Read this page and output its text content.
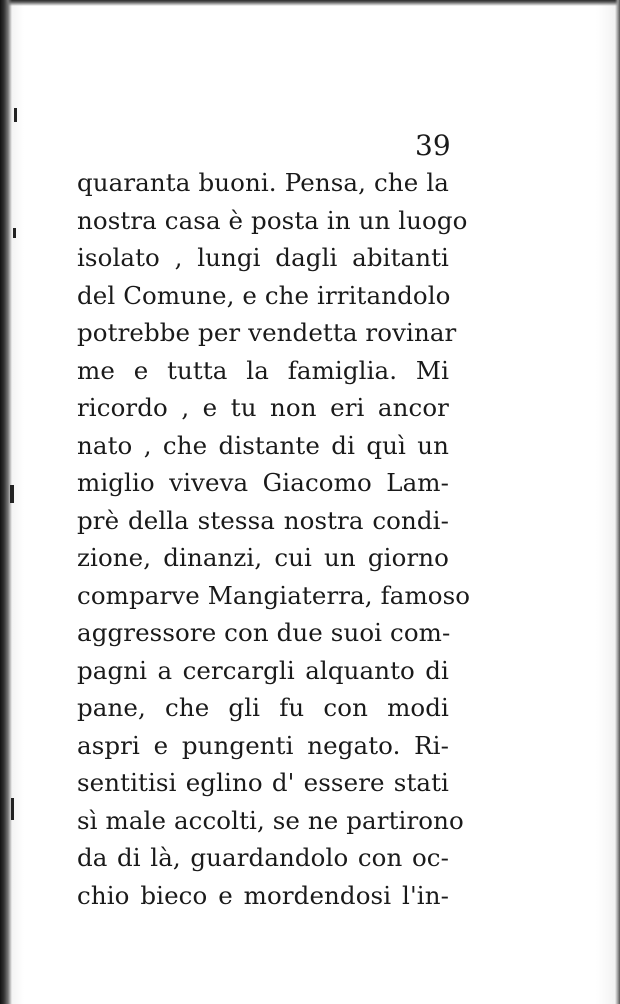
39
quaranta buoni. Pensa, che la
nostra casa è posta in un luogo
isolato , lungi dagli abitanti
del Comune, e che irritandolo
potrebbe per vendetta rovinar
me e tutta la famiglia. Mi
ricordo , e tu non eri ancor
nato , che distante di quì un
miglio viveva Giacomo Lam-
prè della stessa nostra condi-
zione, dinanzi, cui un giorno
comparve Mangiaterra, famoso
aggressore con due suoi com-
pagni a cercargli alquanto di
pane, che gli fu con modi
aspri e pungenti negato. Ri-
sentitisi eglino d' essere stati
sì male accolti, se ne partirono
da di là, guardandolo con oc-
chio bieco e mordendosi l'in-
